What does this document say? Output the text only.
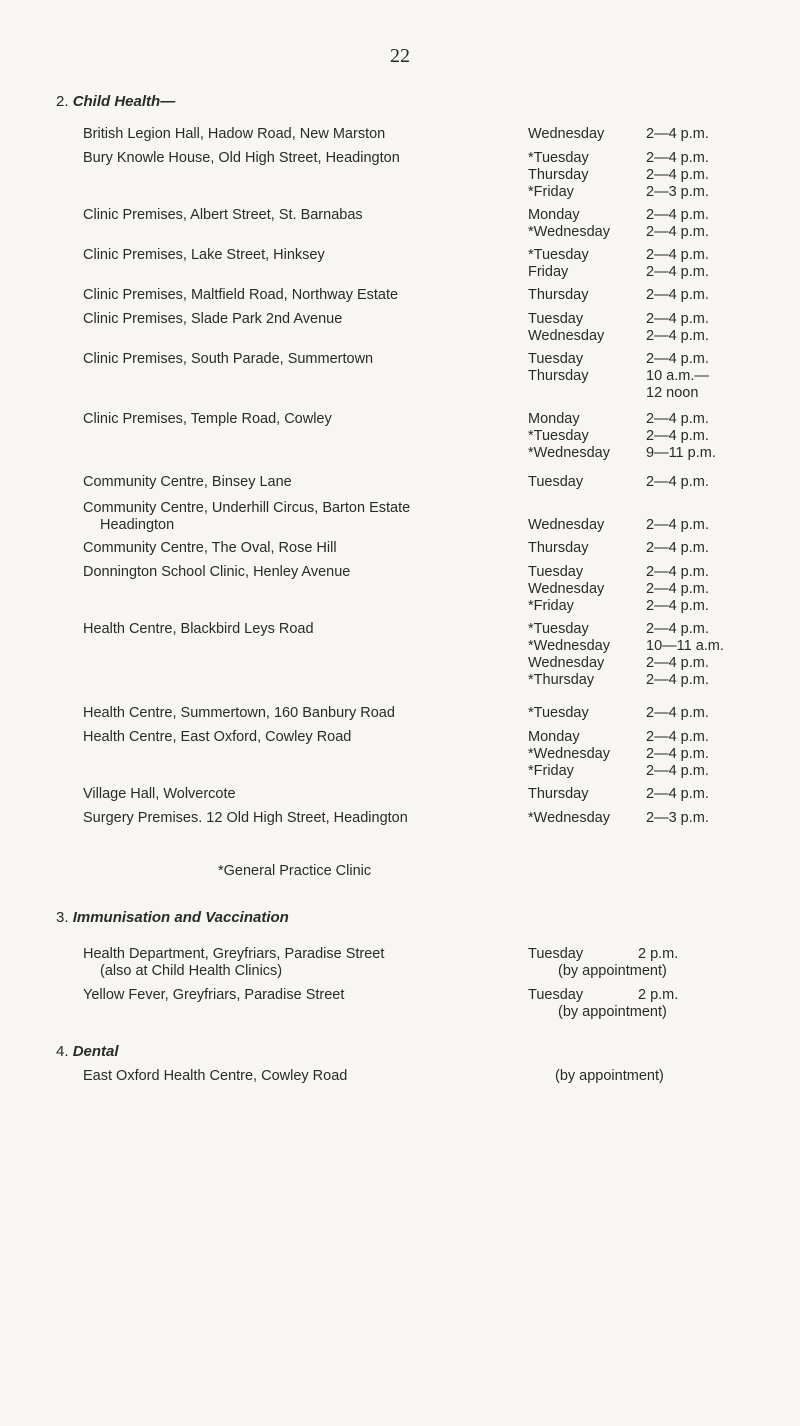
22
2. Child Health—
British Legion Hall, Hadow Road, New Marston	Wednesday	2—4 p.m.
Bury Knowle House, Old High Street, Headington	*Tuesday	2—4 p.m.
Thursday	2—4 p.m.
*Friday	2—3 p.m.
Clinic Premises, Albert Street, St. Barnabas	Monday	2—4 p.m.
*Wednesday 2—4 p.m.
Clinic Premises, Lake Street, Hinksey	*Tuesday	2—4 p.m.
Friday	2—4 p.m.
Clinic Premises, Maltfield Road, Northway Estate	Thursday	2—4 p.m.
Clinic Premises, Slade Park 2nd Avenue	Tuesday	2—4 p.m.
Wednesday	2—4 p.m.
Clinic Premises, South Parade, Summertown	Tuesday	2—4 p.m.
Thursday	10 a.m.—
12 noon
Clinic Premises, Temple Road, Cowley	Monday	2—4 p.m.
*Tuesday	2—4 p.m.
*Wednesday 9—11 p.m.
Community Centre, Binsey Lane	Tuesday	2—4 p.m.
Community Centre, Underhill Circus, Barton Estate
Headington	Wednesday	2—4 p.m.
Community Centre, The Oval, Rose Hill	Thursday	2—4 p.m.
Donnington School Clinic, Henley Avenue	Tuesday	2—4 p.m.
Wednesday	2—4 p.m.
*Friday	2—4 p.m.
Health Centre, Blackbird Leys Road	*Tuesday	2—4 p.m.
*Wednesday 10—11 a.m.
Wednesday	2—4 p.m.
*Thursday	2—4 p.m.
Health Centre, Summertown, 160 Banbury Road	*Tuesday	2—4 p.m.
Health Centre, East Oxford, Cowley Road	Monday	2—4 p.m.
*Wednesday 2—4 p.m.
*Friday	2—4 p.m.
Village Hall, Wolvercote	Thursday	2—4 p.m.
Surgery Premises. 12 Old High Street, Headington	*Wednesday 2—3 p.m.
*General Practice Clinic
3. Immunisation and Vaccination
Health Department, Greyfriars, Paradise Street
(also at Child Health Clinics)
Tuesday	2 p.m.
(by appointment)
Yellow Fever, Greyfriars, Paradise Street	Tuesday	2 p.m.
(by appointment)
4. Dental
East Oxford Health Centre, Cowley Road	(by appointment)
